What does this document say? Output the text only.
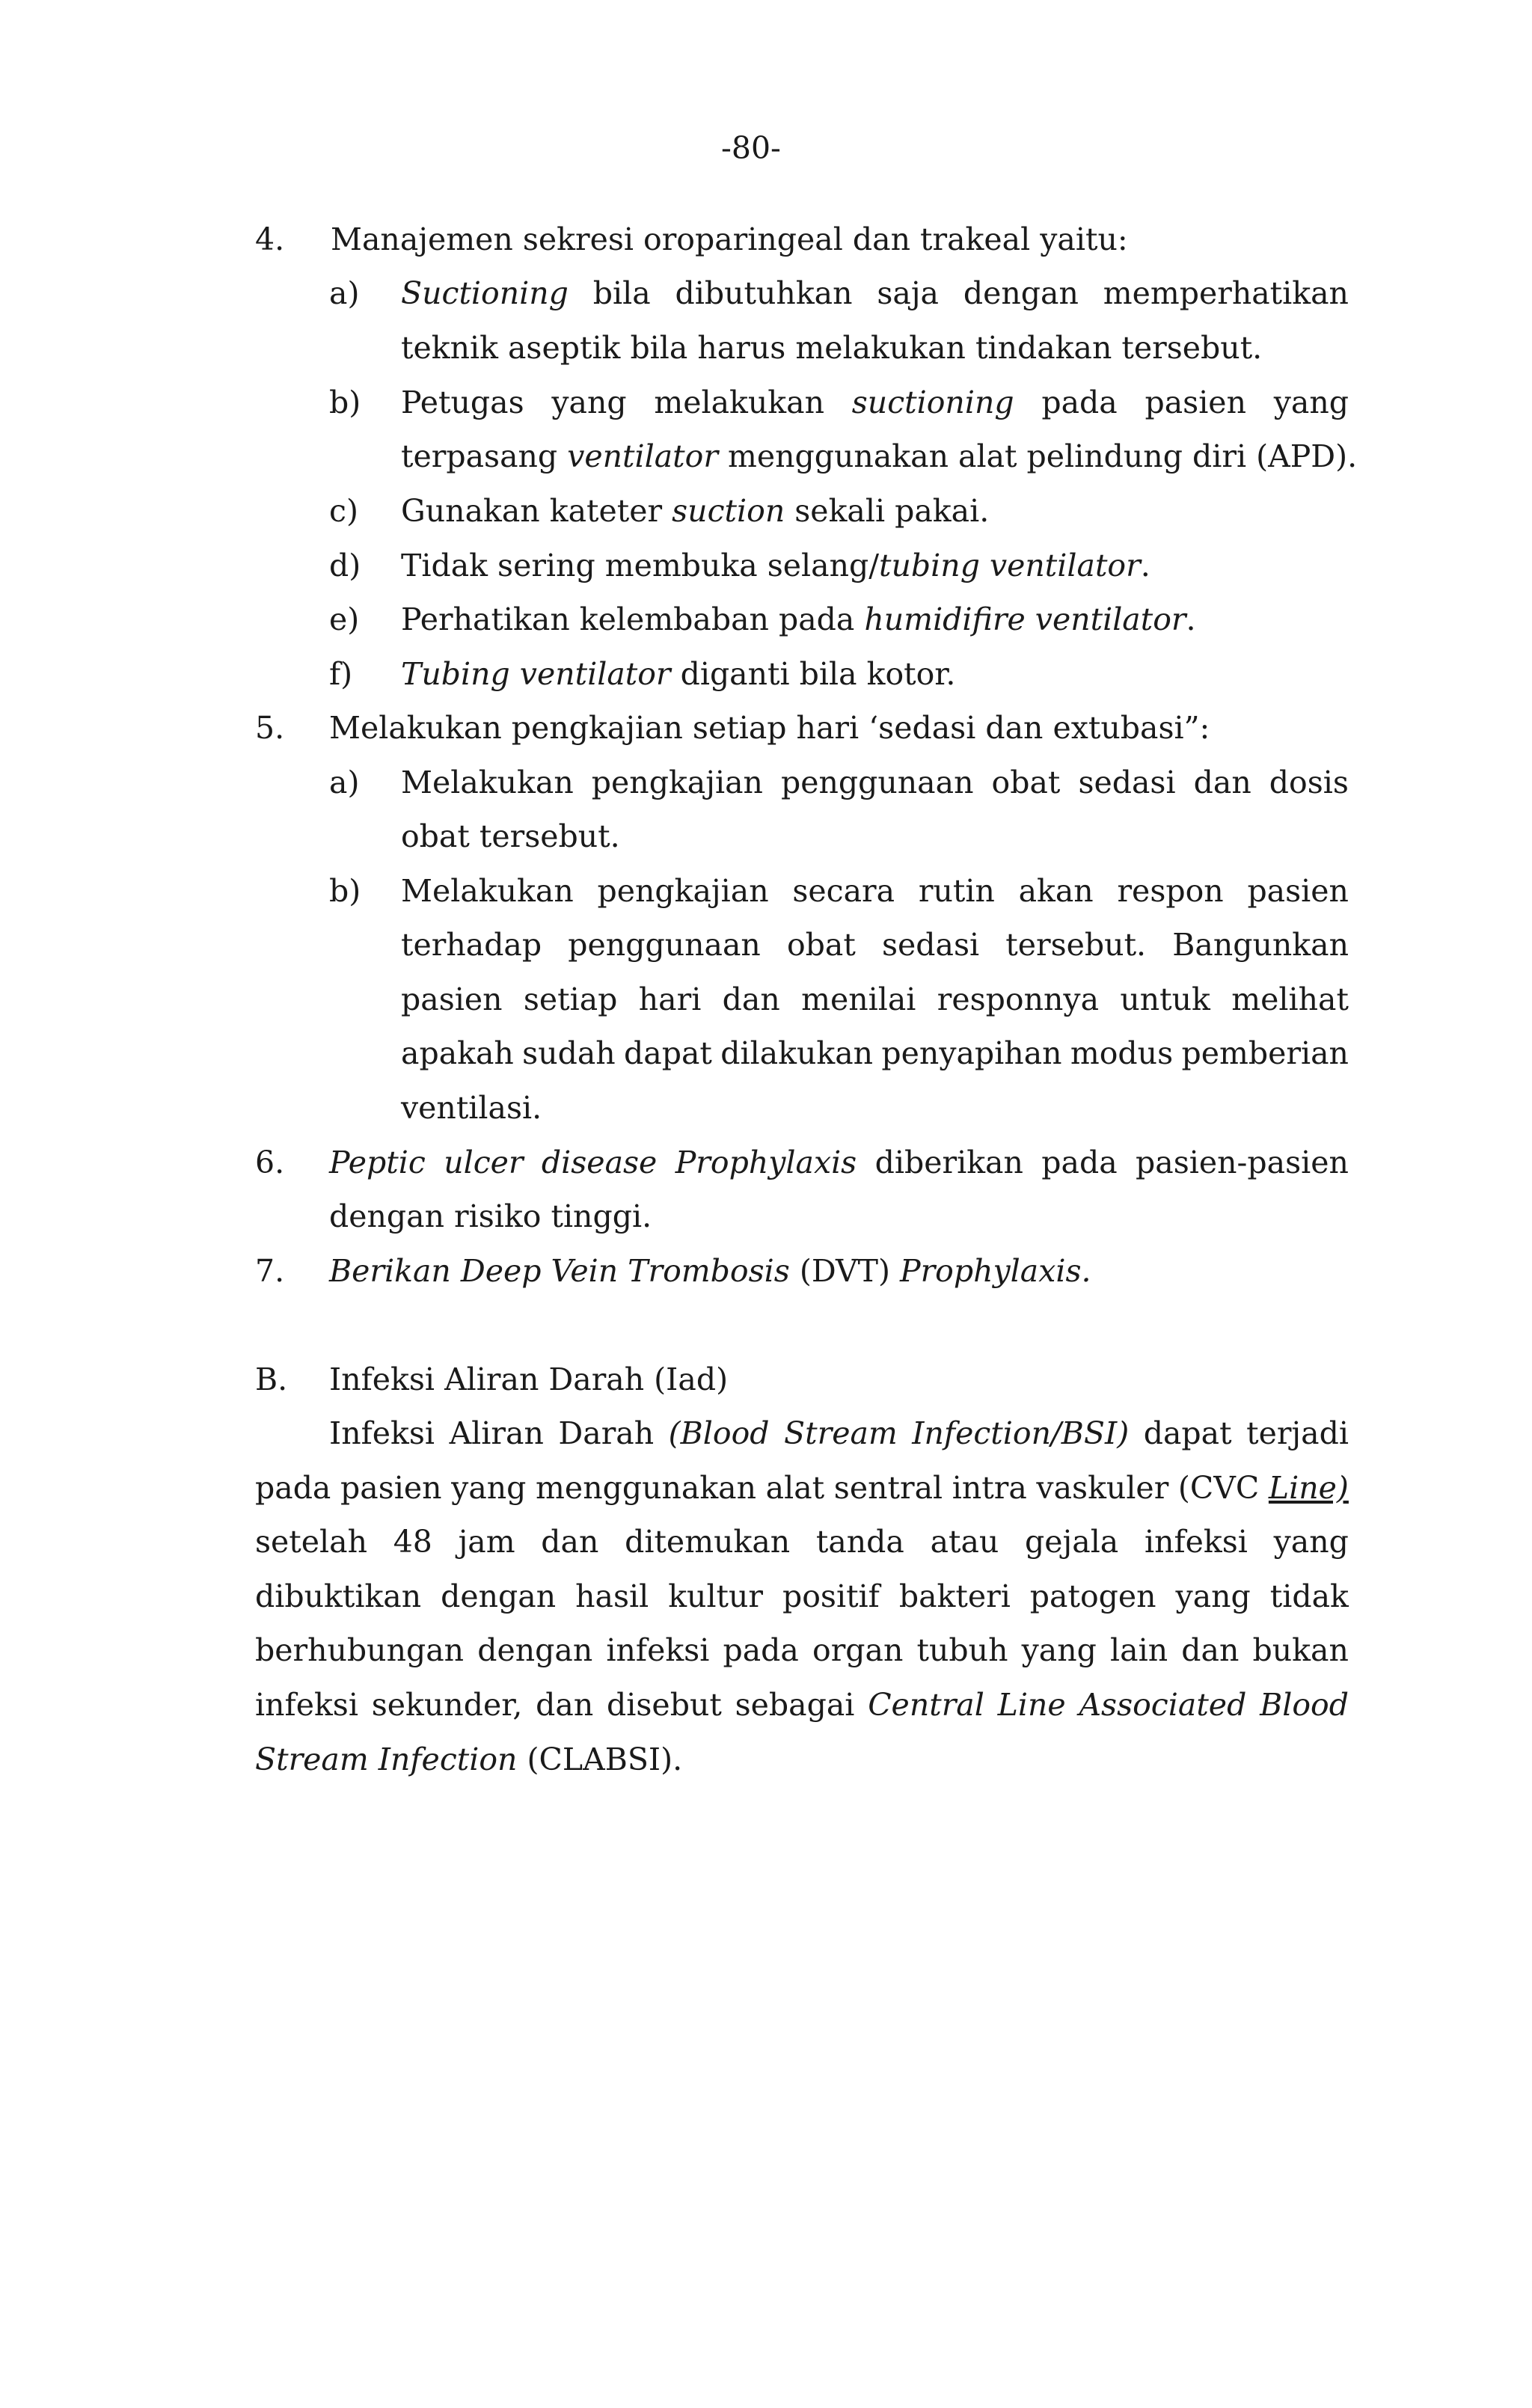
-80-
4. Manajemen sekresi oroparingeal dan trakeal yaitu:
a) Suctioning bila dibutuhkan saja dengan memperhatikan
teknik aseptik bila harus melakukan tindakan tersebut.
b) Petugas yang melakukan suctioning pada pasien yang
terpasang ventilator menggunakan alat pelindung diri (APD).
c) Gunakan kateter suction sekali pakai.
d) Tidak sering membuka selang/tubing ventilator.
e) Perhatikan kelembaban pada humidifire ventilator.
f) Tubing ventilator diganti bila kotor.
5. Melakukan pengkajian setiap hari ‘sedasi dan extubasi”:
a) Melakukan pengkajian penggunaan obat sedasi dan dosis
obat tersebut.
b) Melakukan pengkajian secara rutin akan respon pasien
terhadap penggunaan obat sedasi tersebut. Bangunkan
pasien setiap hari dan menilai responnya untuk melihat
apakah sudah dapat dilakukan penyapihan modus pemberian
ventilasi.
6. Peptic ulcer disease Prophylaxis diberikan pada pasien-pasien
dengan risiko tinggi.
7. Berikan Deep Vein Trombosis (DVT) Prophylaxis.
B. Infeksi Aliran Darah (Iad)
Infeksi Aliran Darah (Blood Stream Infection/BSI) dapat terjadi
pada pasien yang menggunakan alat sentral intra vaskuler (CVC Line)
setelah 48 jam dan ditemukan tanda atau gejala infeksi yang
dibuktikan dengan hasil kultur positif bakteri patogen yang tidak
berhubungan dengan infeksi pada organ tubuh yang lain dan bukan
infeksi sekunder, dan disebut sebagai Central Line Associated Blood
Stream Infection (CLABSI).
